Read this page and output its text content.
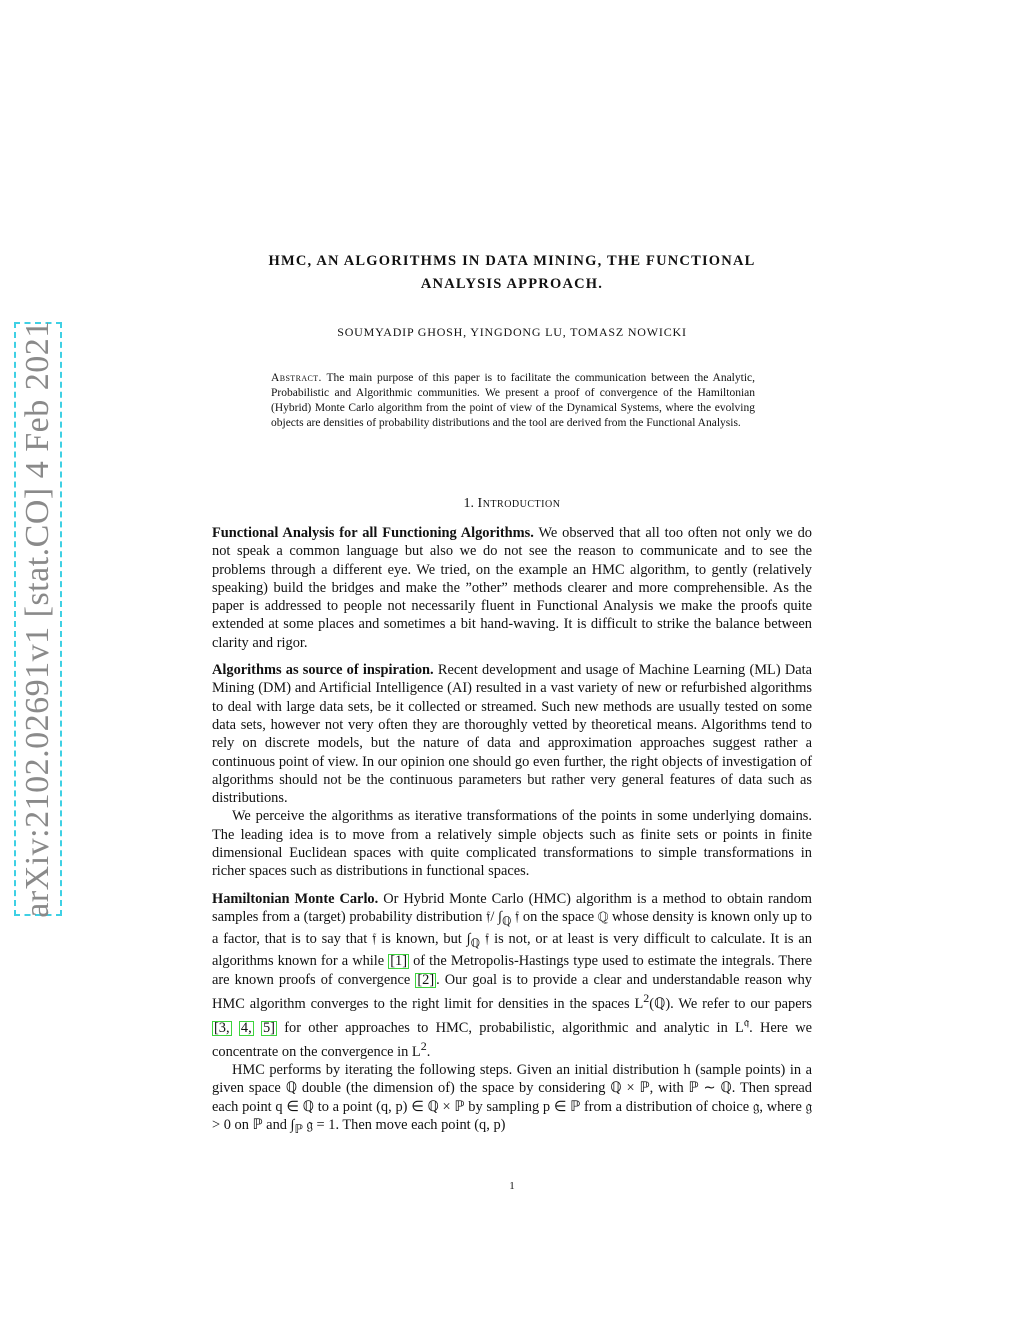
arXiv:2102.02691v1 [stat.CO] 4 Feb 2021
HMC, AN ALGORITHMS IN DATA MINING, THE FUNCTIONAL
ANALYSIS APPROACH.
SOUMYADIP GHOSH, YINGDONG LU, TOMASZ NOWICKI
Abstract. The main purpose of this paper is to facilitate the communication between the Analytic, Probabilistic and Algorithmic communities. We present a proof of convergence of the Hamiltonian (Hybrid) Monte Carlo algorithm from the point of view of the Dynamical Systems, where the evolving objects are densities of probability distributions and the tool are derived from the Functional Analysis.
1. Introduction

Functional Analysis for all Functioning Algorithms. We observed that all too often not only we do not speak a common language but also we do not see the reason to communicate and to see the problems through a different eye. We tried, on the example an HMC algorithm, to gently (relatively speaking) build the bridges and make the ”other” methods clearer and more comprehensible. As the paper is addressed to people not necessarily fluent in Functional Analysis we make the proofs quite extended at some places and sometimes a bit hand-waving. It is difficult to strike the balance between clarity and rigor.

Algorithms as source of inspiration. Recent development and usage of Machine Learning (ML) Data Mining (DM) and Artificial Intelligence (AI) resulted in a vast variety of new or refurbished algorithms to deal with large data sets, be it collected or streamed. Such new methods are usually tested on some data sets, however not very often they are thoroughly vetted by theoretical means. Algorithms tend to rely on discrete models, but the nature of data and approximation approaches suggest rather a continuous point of view. In our opinion one should go even further, the right objects of investigation of algorithms should not be the continuous parameters but rather very general features of data such as distributions.

We perceive the algorithms as iterative transformations of the points in some underlying domains. The leading idea is to move from a relatively simple objects such as finite sets or points in finite dimensional Euclidean spaces with quite complicated transformations to simple transformations in richer spaces such as distributions in functional spaces.

Hamiltonian Monte Carlo. Or Hybrid Monte Carlo (HMC) algorithm is a method to obtain random samples from a (target) probability distribution 𝔣/ $\int_ℚ$ 𝔣 on the space ℚ whose density is known only up to a factor, that is to say that 𝔣 is known, but $\int_ℚ$ 𝔣 is not, or at least is very difficult to calculate. It is an algorithms known for a while [1] of the Metropolis-Hastings type used to estimate the integrals. There are known proofs of convergence [2] . Our goal is to provide a clear and understandable reason why HMC algorithm converges to the right limit for densities in the spaces $L^2(ℚ)$. We refer to our papers [3, 4, 5] for other approaches to HMC, probabilistic, algorithmic and analytic in $L^𝔮$. Here we concentrate on the convergence in $L^2$.

HMC performs by iterating the following steps. Given an initial distribution h (sample points) in a given space ℚ double (the dimension of) the space by considering ℚ × ℙ, with ℙ ∼ ℚ. Then spread each point q ∈ ℚ to a point (q, p) ∈ ℚ × ℙ by sampling p ∈ ℙ from a distribution of choice 𝔤, where 𝔤 > 0 on ℙ and $\int_ℙ$ 𝔤 = 1. Then move each point (q, p)

1
